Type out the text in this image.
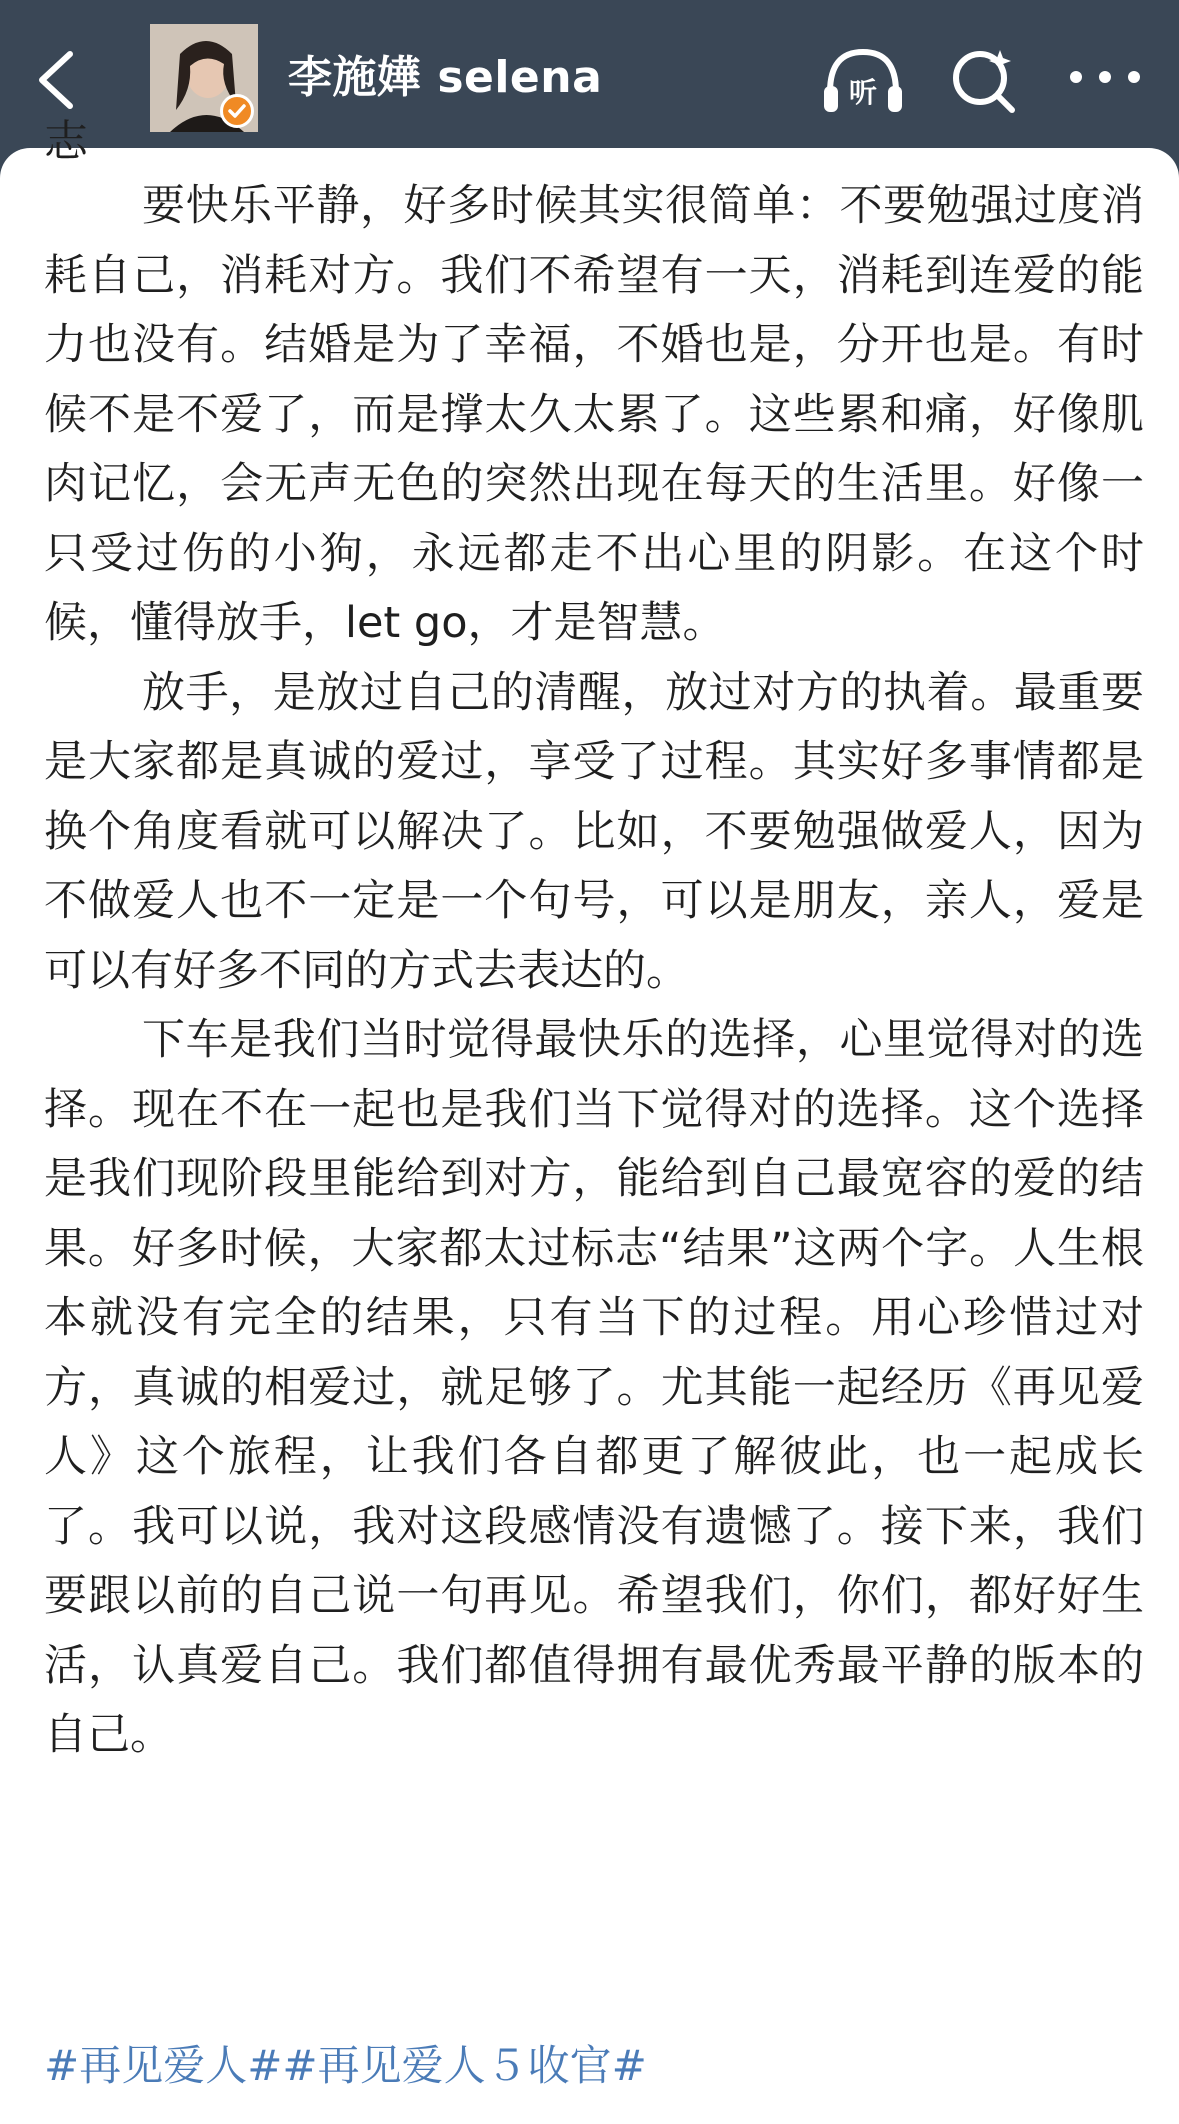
李施嬅 selena	听
志

要快乐平静，好多时候其实很简单：不要勉强过度消耗自己，消耗对方。我们不希望有一天，消耗到连爱的能力也没有。结婚是为了幸福，不婚也是，分开也是。有时候不是不爱了，而是撑太久太累了。这些累和痛，好像肌肉记忆，会无声无色的突然出现在每天的生活里。好像一只受过伤的小狗，永远都走不出心里的阴影。在这个时候，懂得放手，let go，才是智慧。

放手，是放过自己的清醒，放过对方的执着。最重要是大家都是真诚的爱过，享受了过程。其实好多事情都是换个角度看就可以解决了。比如，不要勉强做爱人，因为不做爱人也不一定是一个句号，可以是朋友，亲人，爱是可以有好多不同的方式去表达的。

下车是我们当时觉得最快乐的选择，心里觉得对的选择。现在不在一起也是我们当下觉得对的选择。这个选择是我们现阶段里能给到对方，能给到自己最宽容的爱的结果。好多时候，大家都太过标志“结果”这两个字。人生根本就没有完全的结果，只有当下的过程。用心珍惜过对方，真诚的相爱过，就足够了。尤其能一起经历《再见爱人》这个旅程，让我们各自都更了解彼此，也一起成长了。我可以说，我对这段感情没有遗憾了。接下来，我们要跟以前的自己说一句再见。希望我们，你们，都好好生活，认真爱自己。我们都值得拥有最优秀最平静的版本的自己。

#再见爱人##再见爱人５收官#
